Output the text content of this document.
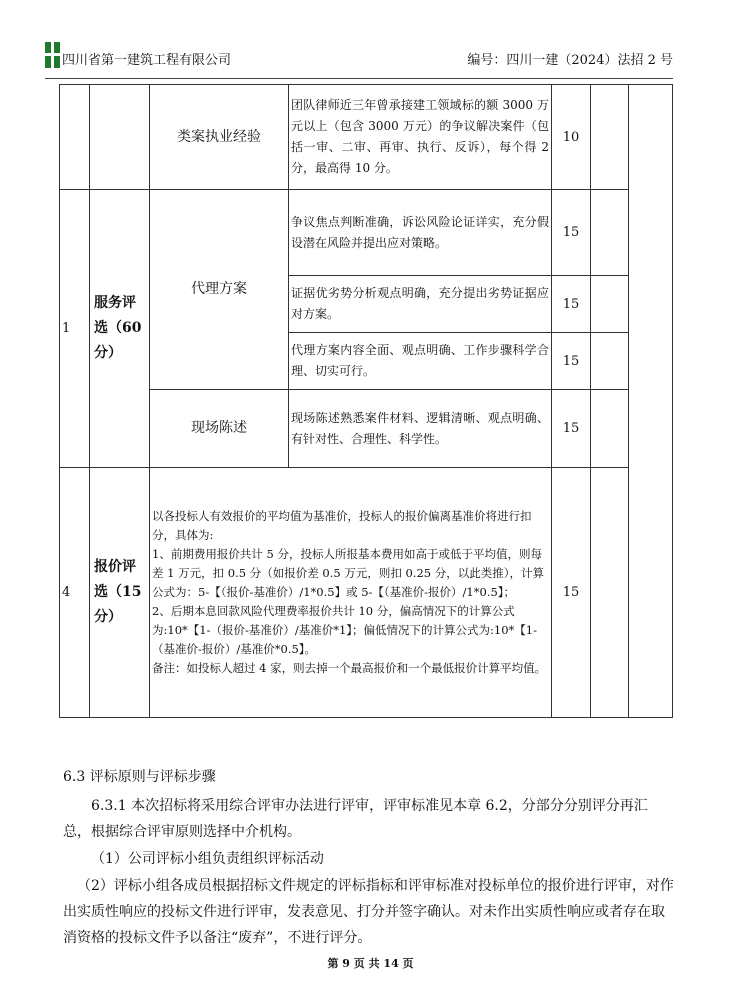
四川省第一建筑工程有限公司	编号：四川一建（2024）法招 2 号
		类案执业经验	团队律师近三年曾承接建工领域标的额 3000 万元以上（包含 3000 万元）的争议解决案件（包括一审、二审、再审、执行、反诉），每个得 2 分，最高得 10 分。	10		
1	服务评选（60分）	代理方案	争议焦点判断准确，诉讼风险论证详实，充分假设潜在风险并提出应对策略。	15		
			证据优劣势分析观点明确，充分提出劣势证据应对方案。	15		
			代理方案内容全面、观点明确、工作步骤科学合理、切实可行。	15		
		现场陈述	现场陈述熟悉案件材料、逻辑清晰、观点明确、有针对性、合理性、科学性。	15		
4	报价评选（15分）	以各投标人有效报价的平均值为基准价，投标人的报价偏离基准价将进行扣分，具体为:
1、前期费用报价共计 5 分，投标人所报基本费用如高于或低于平均值，则每差 1 万元，扣 0.5 分（如报价差 0.5 万元，则扣 0.25 分，以此类推），计算公式为：5-【（报价-基准价）/1*0.5】或 5-【（基准价-报价）/1*0.5】；
2、后期本息回款风险代理费率报价共计 10 分，偏高情况下的计算公式为:10*【1-（报价-基准价）/基准价*1】；偏低情况下的计算公式为:10*【1-（基准价-报价）/基准价*0.5】。
备注：如投标人超过 4 家，则去掉一个最高报价和一个最低报价计算平均值。		15		
6.3 评标原则与评标步骤
6.3.1 本次招标将采用综合评审办法进行评审，评审标准见本章 6.2，分部分分别评分再汇总，根据综合评审原则选择中介机构。
（1）公司评标小组负责组织评标活动
（2）评标小组各成员根据招标文件规定的评标指标和评审标准对投标单位的报价进行评审，对作出实质性响应的投标文件进行评审，发表意见、打分并签字确认。对未作出实质性响应或者存在取消资格的投标文件予以备注“废弃”，不进行评分。
第 9 页 共 14 页
